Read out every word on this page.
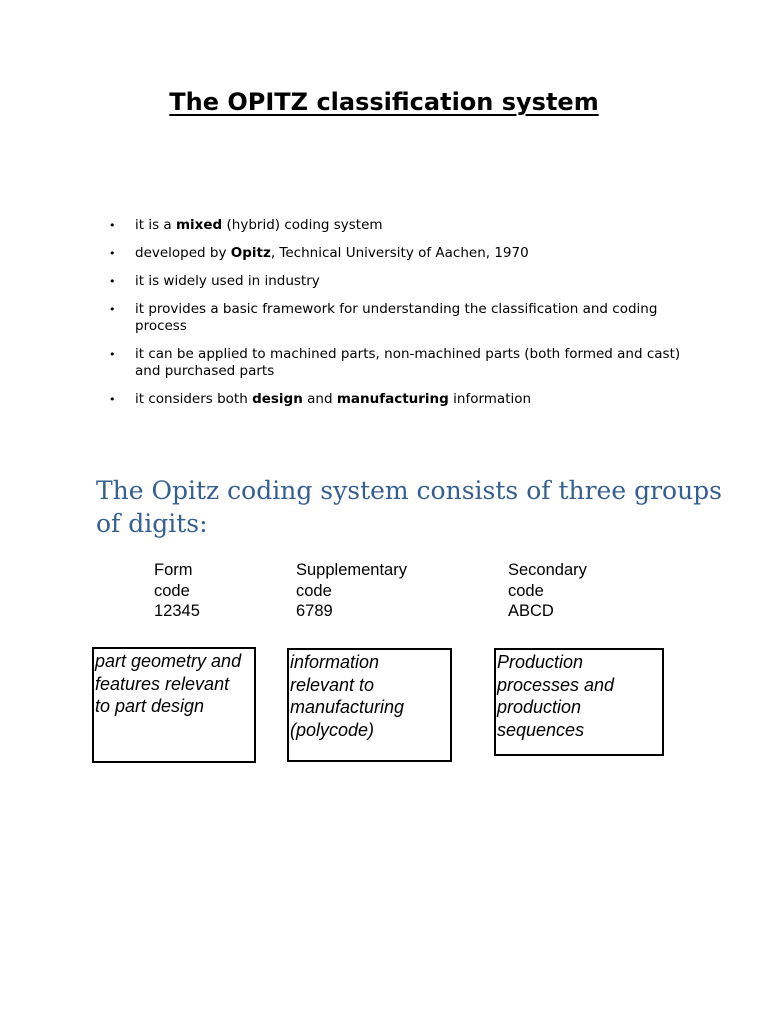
The OPITZ classification system
• it is a mixed (hybrid) coding system
• developed by Opitz, Technical University of Aachen, 1970
• it is widely used in industry
• it provides a basic framework for understanding the classification and coding process
• it can be applied to machined parts, non-machined parts (both formed and cast) and purchased parts
• it considers both design and manufacturing information
The Opitz coding system consists of three groups of digits:
Form
code
12345
Supplementary
code
6789
Secondary
code
ABCD
part geometry and
features relevant
to part design
information
relevant to
manufacturing
(polycode)
Production
processes and
production
sequences
